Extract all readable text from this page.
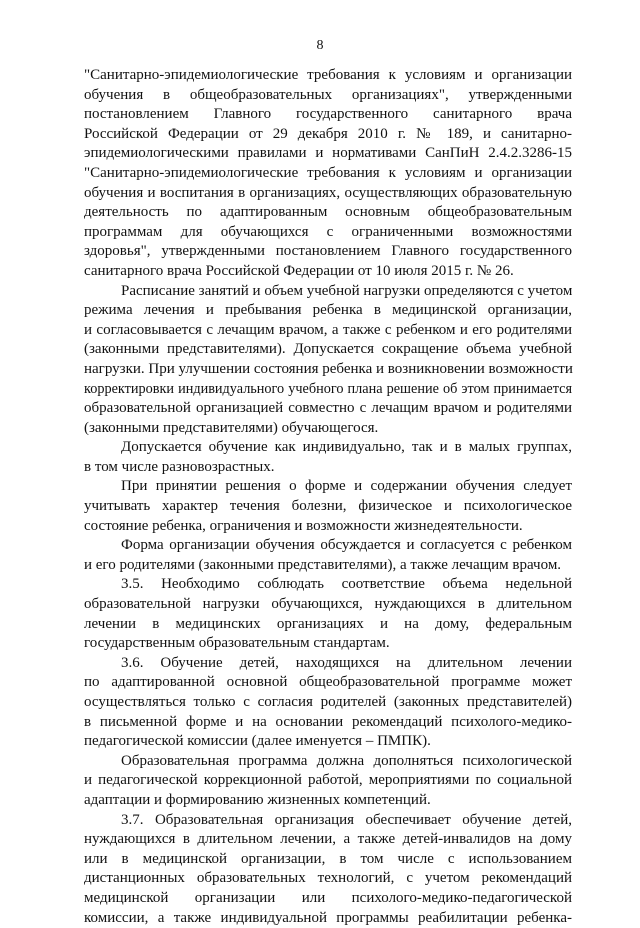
8
"Санитарно-эпидемиологические требования к условиям и организации
обучения в общеобразовательных организациях", утвержденными
постановлением Главного государственного санитарного врача
Российской Федерации от 29 декабря 2010 г. № 189, и санитарно-
эпидемиологическими правилами и нормативами СанПиН 2.4.2.3286-15
"Санитарно-эпидемиологические требования к условиям и организации
обучения и воспитания в организациях, осуществляющих образовательную
деятельность по адаптированным основным общеобразовательным
программам для обучающихся с ограниченными возможностями
здоровья", утвержденными постановлением Главного государственного
санитарного врача Российской Федерации от 10 июля 2015 г. № 26.
Расписание занятий и объем учебной нагрузки определяются с учетом
режима лечения и пребывания ребенка в медицинской организации,
и согласовывается с лечащим врачом, а также с ребенком и его родителями
(законными представителями). Допускается сокращение объема учебной
нагрузки. При улучшении состояния ребенка и возникновении возможности
корректировки индивидуального учебного плана решение об этом принимается
образовательной организацией совместно с лечащим врачом и родителями
(законными представителями) обучающегося.
Допускается обучение как индивидуально, так и в малых группах,
в том числе разновозрастных.
При принятии решения о форме и содержании обучения следует
учитывать характер течения болезни, физическое и психологическое
состояние ребенка, ограничения и возможности жизнедеятельности.
Форма организации обучения обсуждается и согласуется с ребенком
и его родителями (законными представителями), а также лечащим врачом.
3.5. Необходимо соблюдать соответствие объема недельной
образовательной нагрузки обучающихся, нуждающихся в длительном
лечении в медицинских организациях и на дому, федеральным
государственным образовательным стандартам.
3.6. Обучение детей, находящихся на длительном лечении
по адаптированной основной общеобразовательной программе может
осуществляться только с согласия родителей (законных представителей)
в письменной форме и на основании рекомендаций психолого-медико-
педагогической комиссии (далее именуется – ПМПК).
Образовательная программа должна дополняться психологической
и педагогической коррекционной работой, мероприятиями по социальной
адаптации и формированию жизненных компетенций.
3.7. Образовательная организация обеспечивает обучение детей,
нуждающихся в длительном лечении, а также детей-инвалидов на дому
или в медицинской организации, в том числе с использованием
дистанционных образовательных технологий, с учетом рекомендаций
медицинской организации или психолого-медико-педагогической
комиссии, а также индивидуальной программы реабилитации ребенка-
